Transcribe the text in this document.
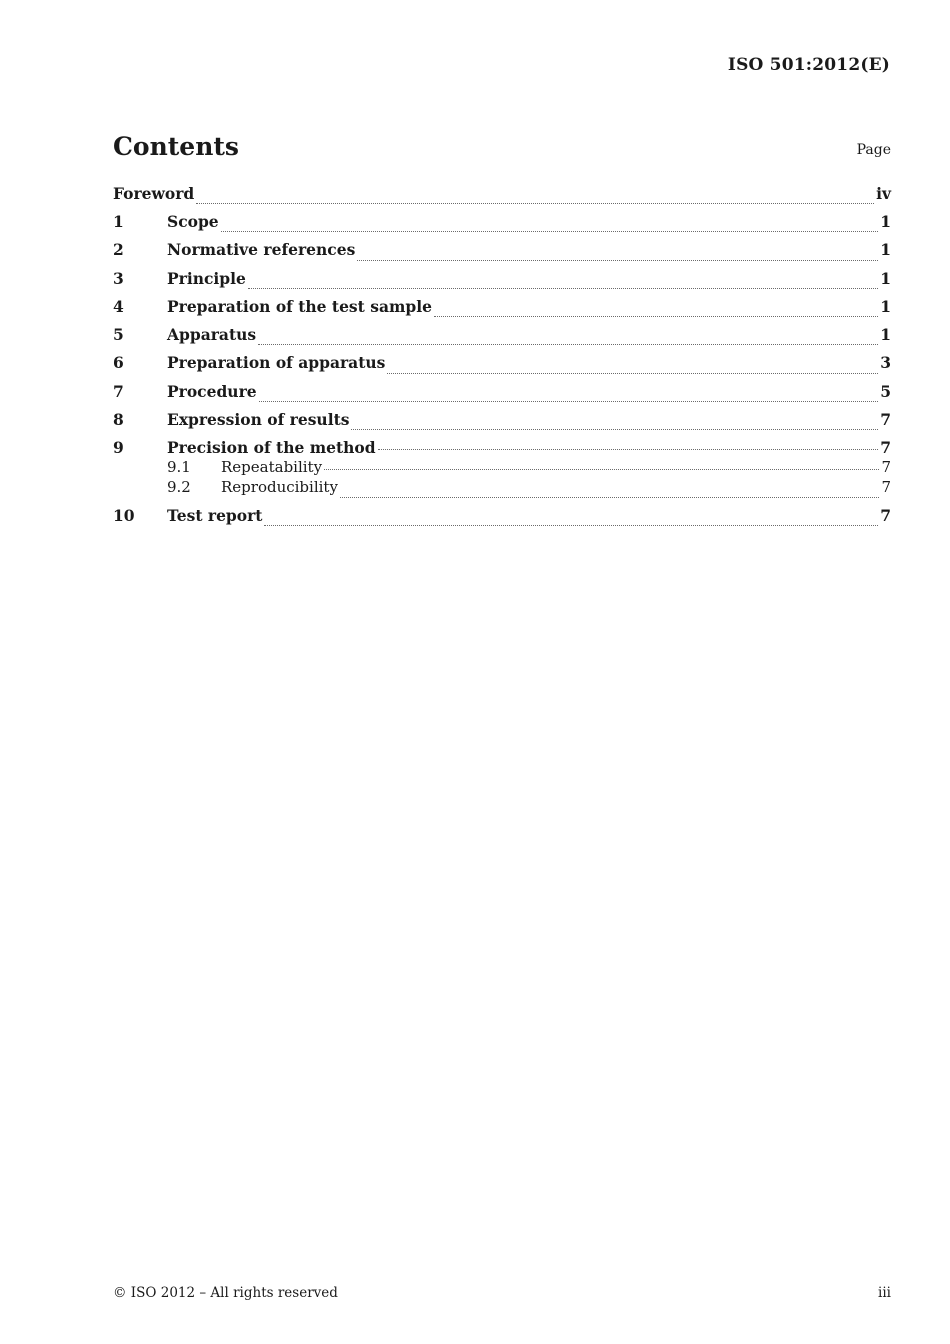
ISO 501:2012(E)
Contents	Page
Foreword	iv
1	Scope	1
2	Normative references	1
3	Principle	1
4	Preparation of the test sample	1
5	Apparatus	1
6	Preparation of apparatus	3
7	Procedure	5
8	Expression of results	7
9	Precision of the method	7
9.1	Repeatability	7
9.2	Reproducibility	7
10	Test report	7
© ISO 2012 – All rights reserved	iii
